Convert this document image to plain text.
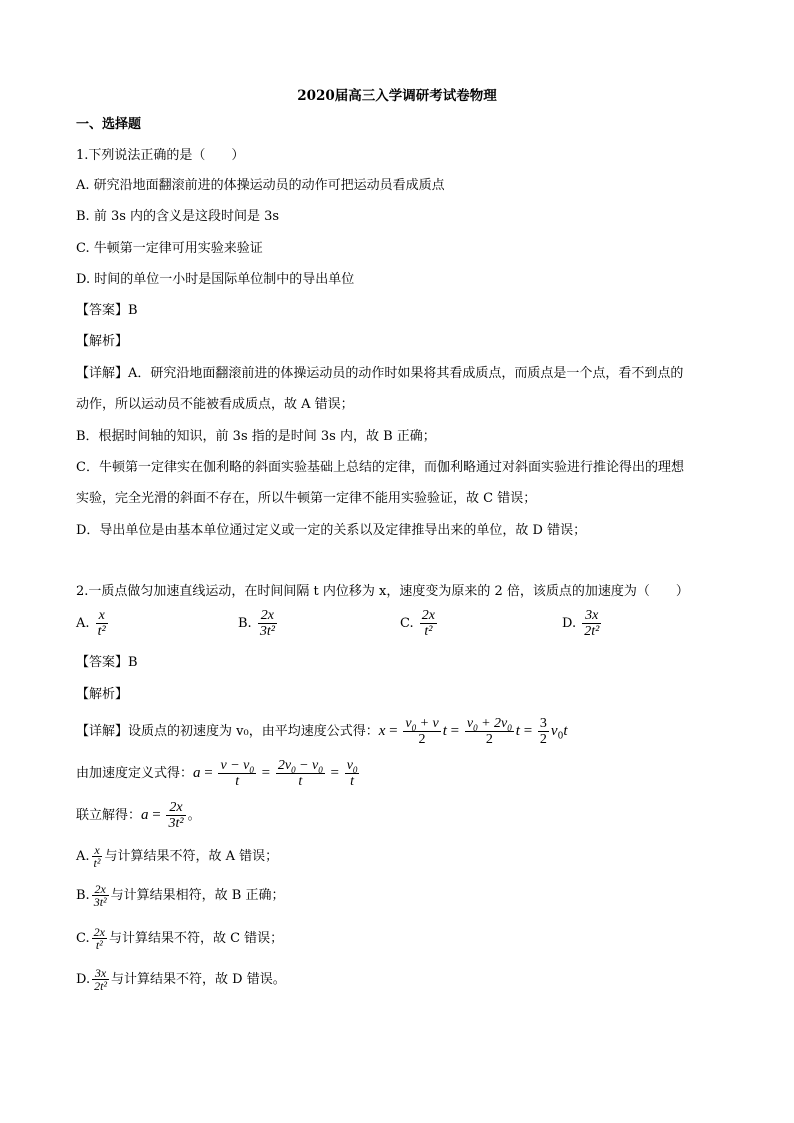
2020届高三入学调研考试卷物理
一、选择题
1.下列说法正确的是（　　）
A. 研究沿地面翻滚前进的体操运动员的动作可把运动员看成质点
B. 前 3s 内的含义是这段时间是 3s
C. 牛顿第一定律可用实验来验证
D. 时间的单位一小时是国际单位制中的导出单位
【答案】B
【解析】
【详解】A．研究沿地面翻滚前进的体操运动员的动作时如果将其看成质点，而质点是一个点，看不到点的
动作，所以运动员不能被看成质点，故 A 错误；
B．根据时间轴的知识，前 3s 指的是时间 3s 内，故 B 正确；
C．牛顿第一定律实在伽利略的斜面实验基础上总结的定律，而伽利略通过对斜面实验进行推论得出的理想
实验，完全光滑的斜面不存在，所以牛顿第一定律不能用实验验证，故 C 错误；
D．导出单位是由基本单位通过定义或一定的关系以及定律推导出来的单位，故 D 错误；
2.一质点做匀加速直线运动，在时间间隔 t 内位移为 x，速度变为原来的 2 倍，该质点的加速度为（　　）
A. $\frac{x}{\text{t²}}$	B. $\frac{2x}{\text{3t²}}$	C. $\frac{2x}{\text{t²}}$	D. $\frac{3x}{\text{2t²}}$
【答案】B
【解析】
【详解】设质点的初速度为 v₀，由平均速度公式得：$x = \frac{v_0 + v}{2}$ $t = \frac{v_0 + 2v_0}{2}$ $t = \frac{3}{2} v_0t$
由加速度定义式得：$a = \frac{v - v_0}{t} = \frac{2v_0 - v_0}{t} = \frac{v_0}{t}$
联立解得：$a = \frac{2x}{\text{3t²}}$ 。
A. $\frac{x}{\text{t²}}$ 与计算结果不符，故 A 错误；
B. $\frac{2x}{\text{3t²}}$ 与计算结果相符，故 B 正确；
C. $\frac{2x}{\text{t²}}$ 与计算结果不符，故 C 错误；
D. $\frac{3x}{\text{2t²}}$ 与计算结果不符，故 D 错误。
